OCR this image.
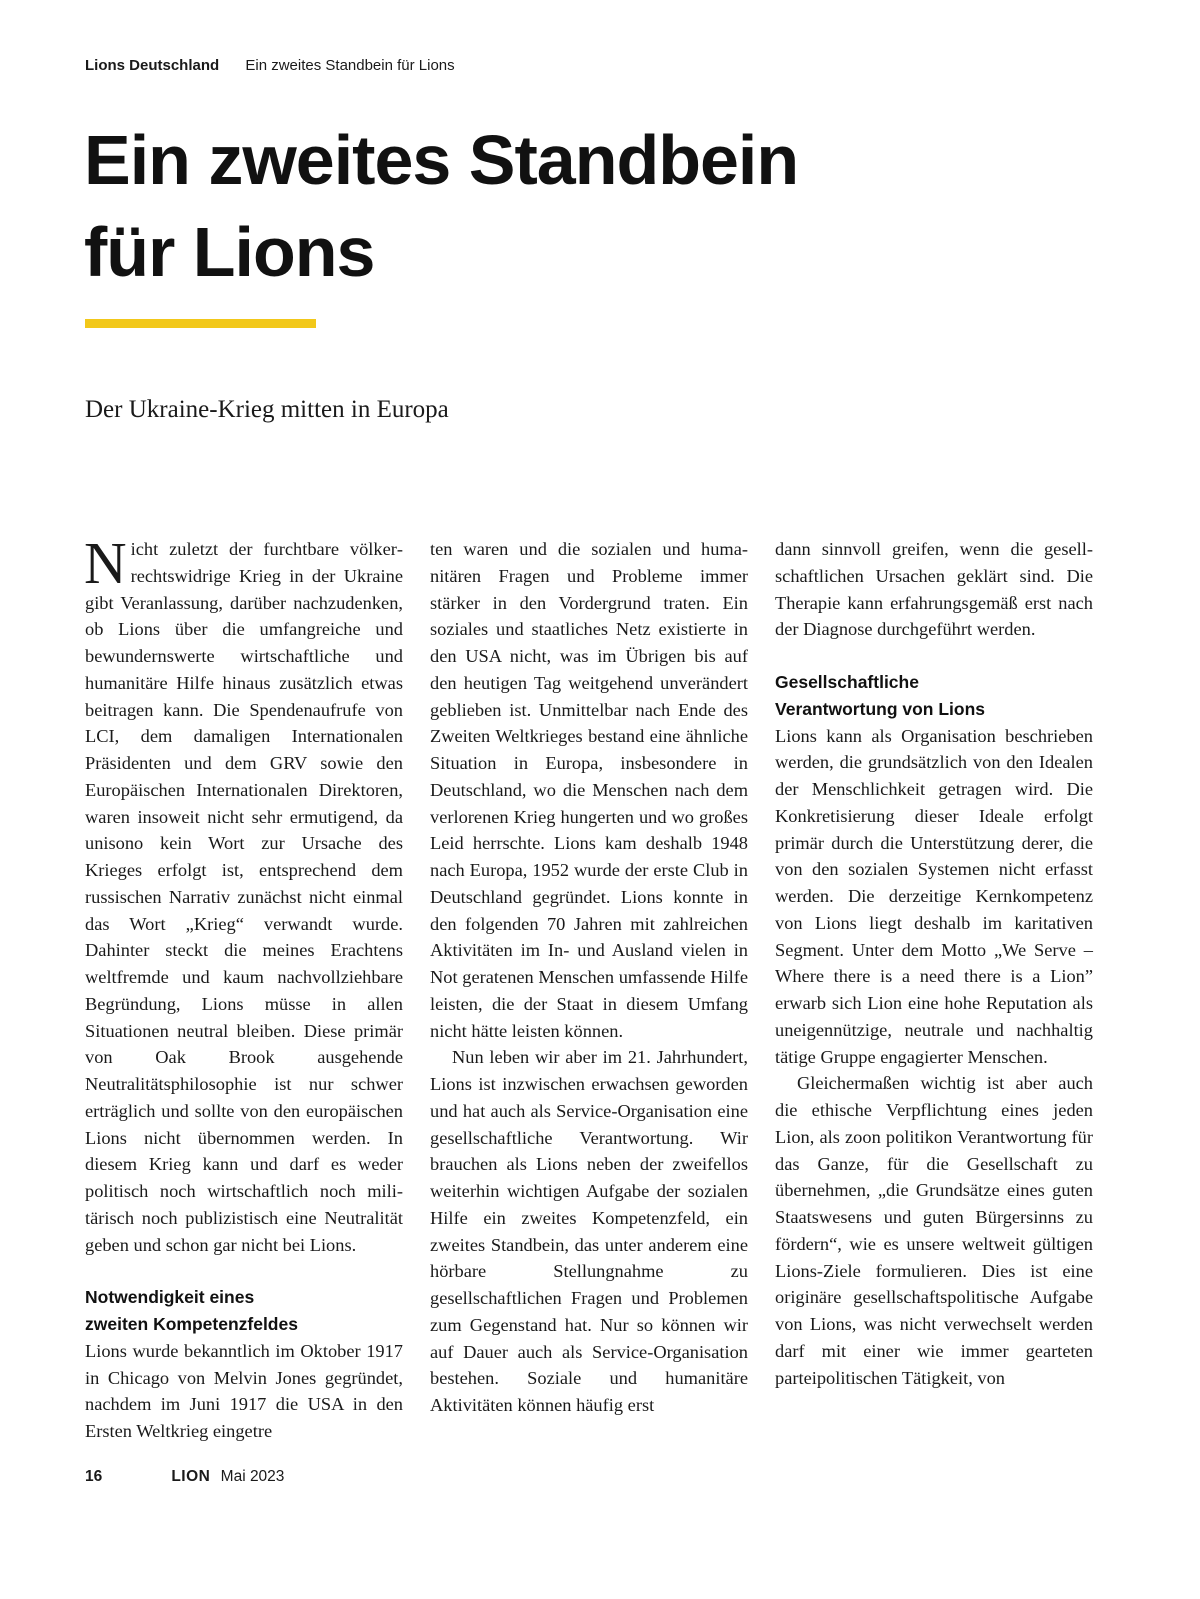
Lions Deutschland Ein zweites Standbein für Lions
Ein zweites Standbein
für Lions
Der Ukraine-Krieg mitten in Europa

Nicht zuletzt der furchtbare völkerrechtswidrige Krieg in der Ukraine gibt Veranlassung, darüber nachzudenken, ob Lions über die umfangreiche und bewundernswerte wirtschaftliche und humanitäre Hilfe hinaus zusätzlich etwas beitragen kann. Die Spendenaufrufe von LCI, dem damaligen Internationalen Präsidenten und dem GRV sowie den Europäischen Internationalen Direktoren, waren insoweit nicht sehr ermutigend, da unisono kein Wort zur Ursache des Krieges erfolgt ist, entsprechend dem russischen Narrativ zunächst nicht einmal das Wort „Krieg“ verwandt wurde. Dahinter steckt die meines Erachtens weltfremde und kaum nachvollziehbare Begründung, Lions müsse in allen Situationen neutral bleiben. Diese primär von Oak Brook ausgehende Neutralitätsphilosophie ist nur schwer erträglich und sollte von den europäischen Lions nicht übernommen werden. In diesem Krieg kann und darf es weder politisch noch wirtschaftlich noch militärisch noch publizistisch eine Neutralität geben und schon gar nicht bei Lions.

Notwendigkeit eines
zweiten Kompetenzfeldes

Lions wurde bekanntlich im Oktober 1917 in Chicago von Melvin Jones gegründet, nachdem im Juni 1917 die USA in den Ersten Weltkrieg eingetre

ten waren und die sozialen und humanitären Fragen und Probleme immer stärker in den Vordergrund traten. Ein soziales und staatliches Netz existierte in den USA nicht, was im Übrigen bis auf den heutigen Tag weitgehend unverändert geblieben ist. Unmittelbar nach Ende des Zweiten Weltkrieges bestand eine ähnliche Situation in Europa, insbesondere in Deutschland, wo die Menschen nach dem verlorenen Krieg hungerten und wo großes Leid herrschte. Lions kam deshalb 1948 nach Europa, 1952 wurde der erste Club in Deutschland gegründet. Lions konnte in den folgenden 70 Jahren mit zahlreichen Aktivitäten im In- und Ausland vielen in Not geratenen Menschen umfassende Hilfe leisten, die der Staat in diesem Umfang nicht hätte leisten können.

Nun leben wir aber im 21. Jahrhundert, Lions ist inzwischen erwachsen geworden und hat auch als Service-Organisation eine gesellschaftliche Verantwortung. Wir brauchen als Lions neben der zweifellos weiterhin wichtigen Aufgabe der sozialen Hilfe ein zweites Kompetenzfeld, ein zweites Standbein, das unter anderem eine hörbare Stellungnahme zu gesellschaftlichen Fragen und Problemen zum Gegenstand hat. Nur so können wir auf Dauer auch als Service-Organisation bestehen. Soziale und humanitäre Aktivitäten können häufig erst

dann sinnvoll greifen, wenn die gesellschaftlichen Ursachen geklärt sind. Die Therapie kann erfahrungsgemäß erst nach der Diagnose durchgeführt werden.

Gesellschaftliche
Verantwortung von Lions

Lions kann als Organisation beschrieben werden, die grundsätzlich von den Idealen der Menschlichkeit getragen wird. Die Konkretisierung dieser Ideale erfolgt primär durch die Unterstützung derer, die von den sozialen Systemen nicht erfasst werden. Die derzeitige Kernkompetenz von Lions liegt deshalb im karitativen Segment. Unter dem Motto „We Serve – Where there is a need there is a Lion” erwarb sich Lion eine hohe Reputation als uneigennützige, neutrale und nachhaltig tätige Gruppe engagierter Menschen.

Gleichermaßen wichtig ist aber auch die ethische Verpflichtung eines jeden Lion, als zoon politikon Verantwortung für das Ganze, für die Gesellschaft zu übernehmen, „die Grundsätze eines guten Staatswesens und guten Bürgersinns zu fördern“, wie es unsere weltweit gültigen Lions-Ziele formulieren. Dies ist eine originäre gesellschaftspolitische Aufgabe von Lions, was nicht verwechselt werden darf mit einer wie immer gearteten parteipolitischen Tätigkeit, von

16	LION Mai 2023
